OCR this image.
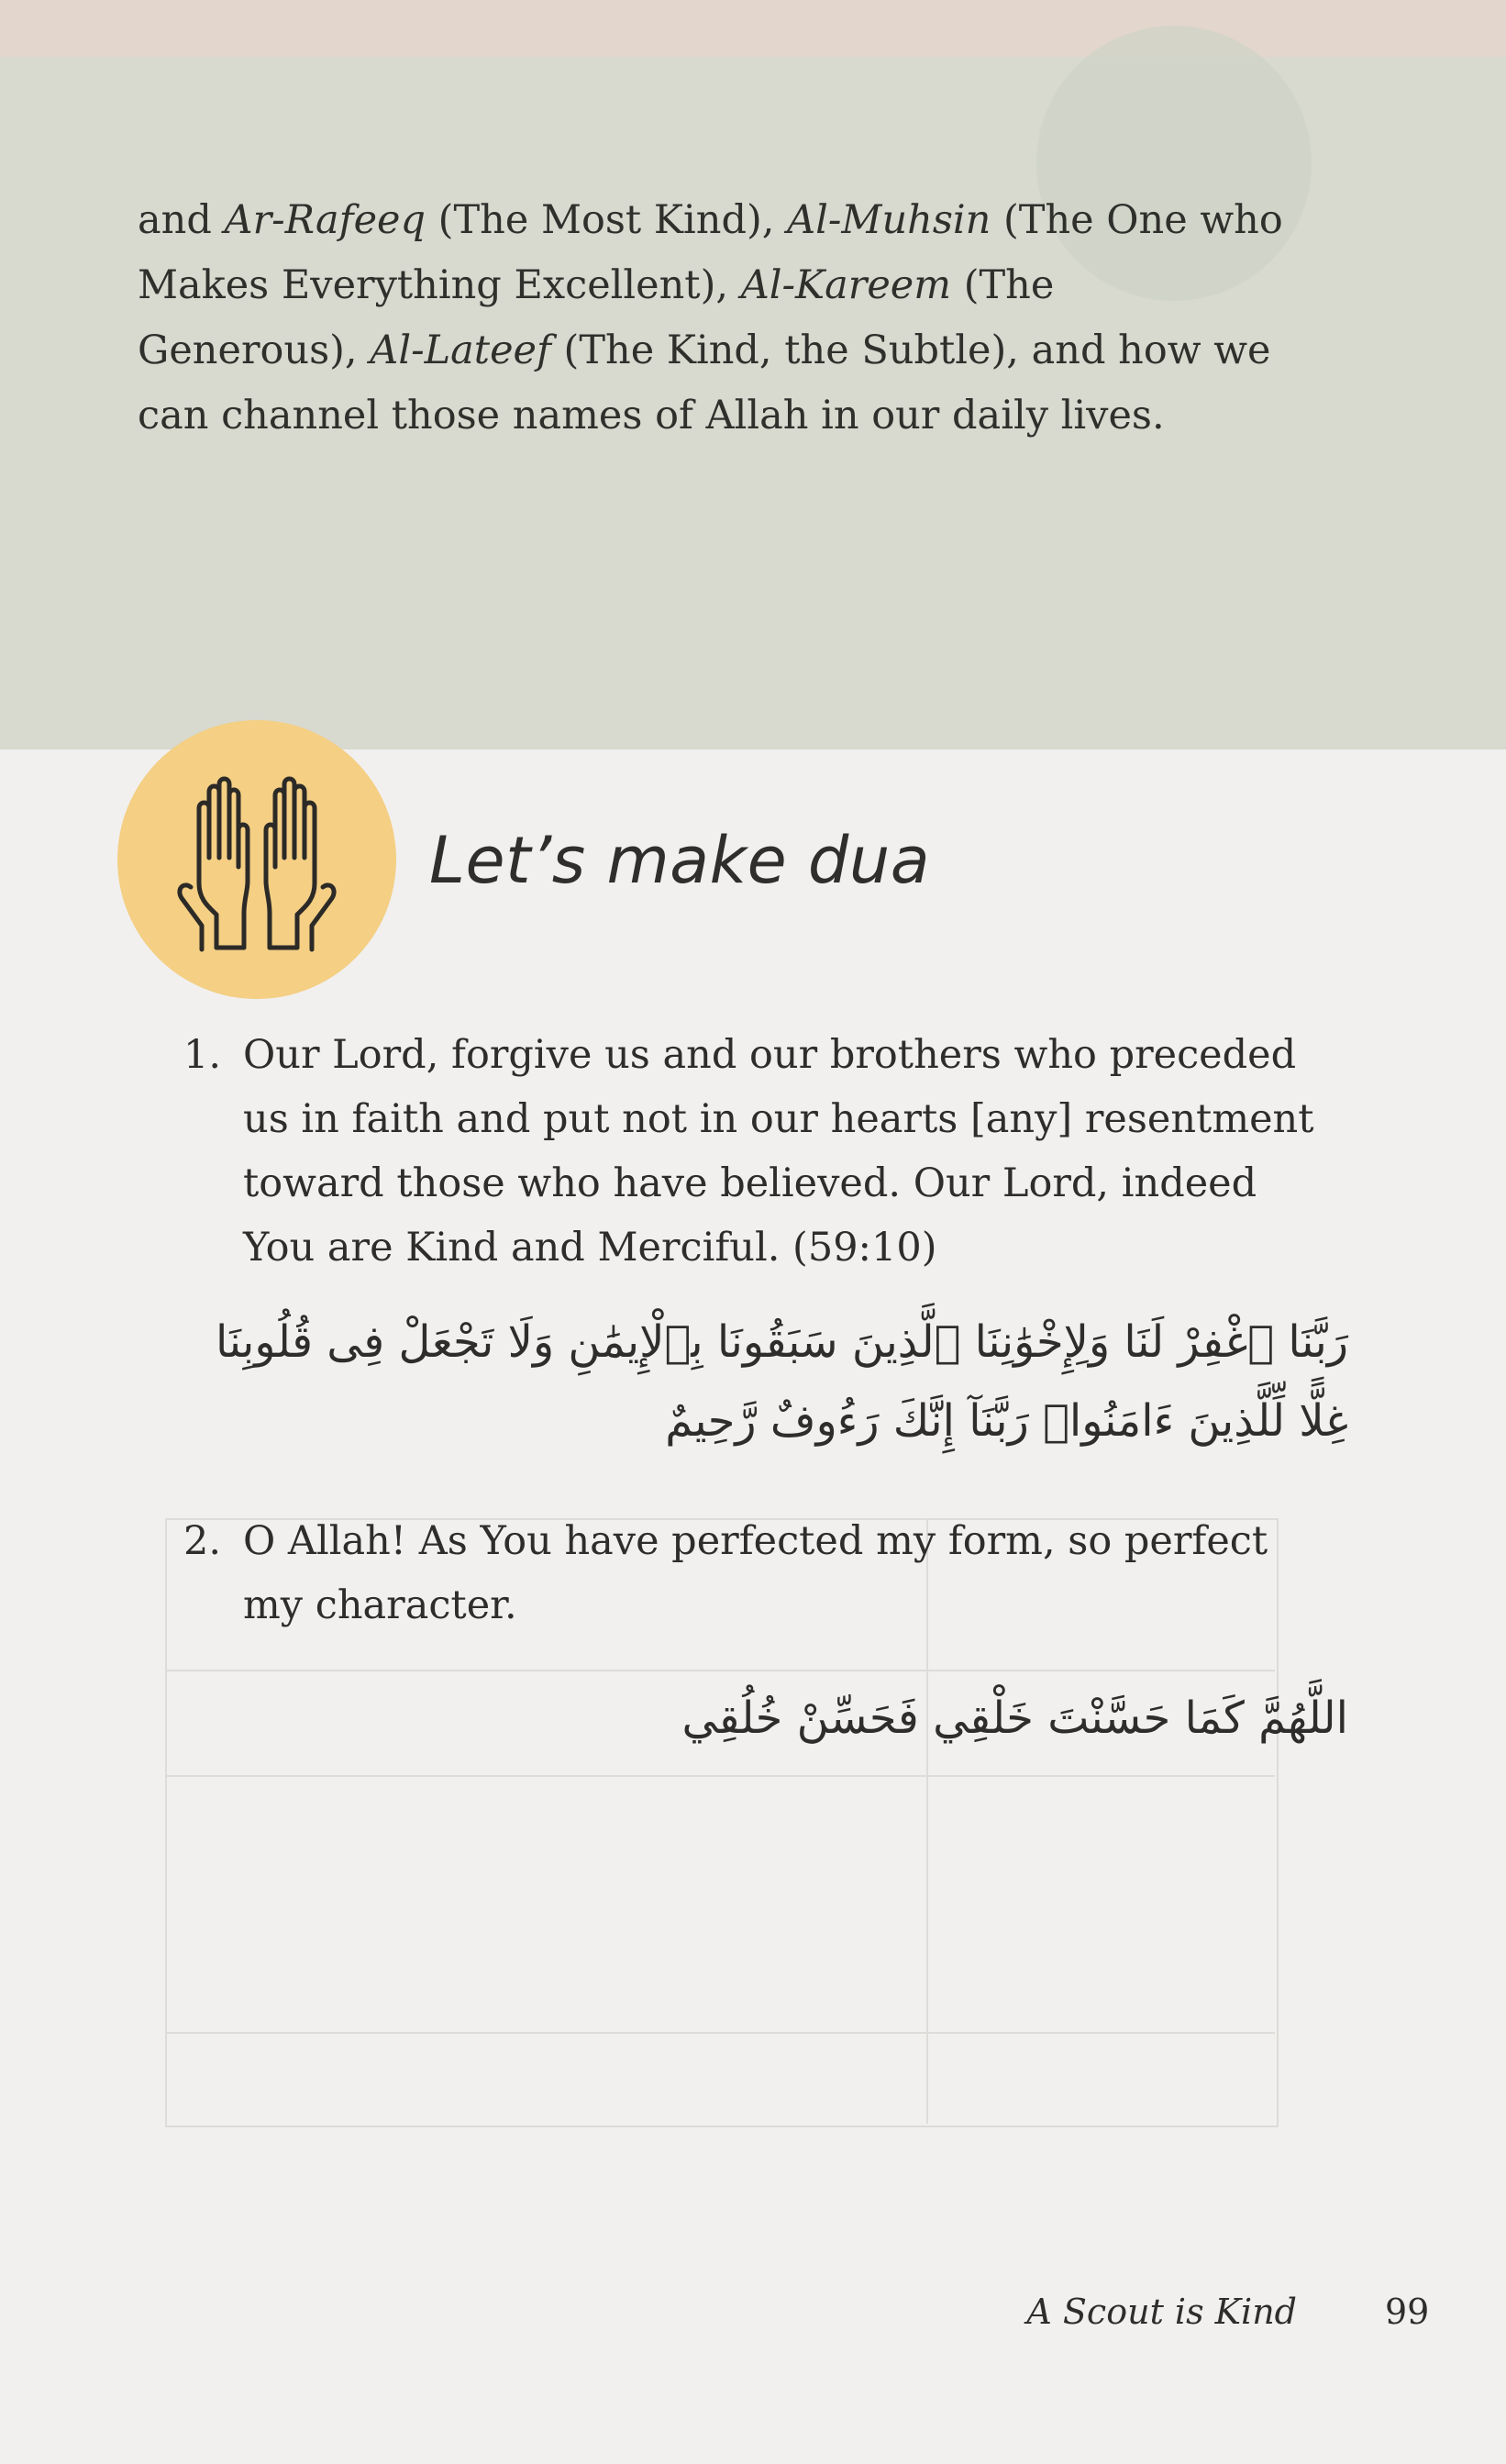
and Ar-Rafeeq (The Most Kind), Al-Muhsin (The One who Makes Everything Excellent), Al-Kareem (The Generous), Al-Lateef (The Kind, the Subtle), and how we can channel those names of Allah in our daily lives.
Let’s make dua
1. Our Lord, forgive us and our brothers who preceded us in faith and put not in our hearts [any] resentment toward those who have believed. Our Lord, indeed You are Kind and Merciful. (59:10)
رَبَّنَا ٱغْفِرْ لَنَا وَلِإِخْوَٰنِنَا ٱلَّذِينَ سَبَقُونَا بِٱلْإِيمَٰنِ وَلَا تَجْعَلْ فِى قُلُوبِنَا غِلًّا لِّلَّذِينَ ءَامَنُوا۟ رَبَّنَآ إِنَّكَ رَءُوفٌ رَّحِيمٌ
2. O Allah! As You have perfected my form, so perfect my character.
اللَّهُمَّ كَمَا حَسَّنْتَ خَلْقِي فَحَسِّنْ خُلُقِي
A Scout is Kind	99
